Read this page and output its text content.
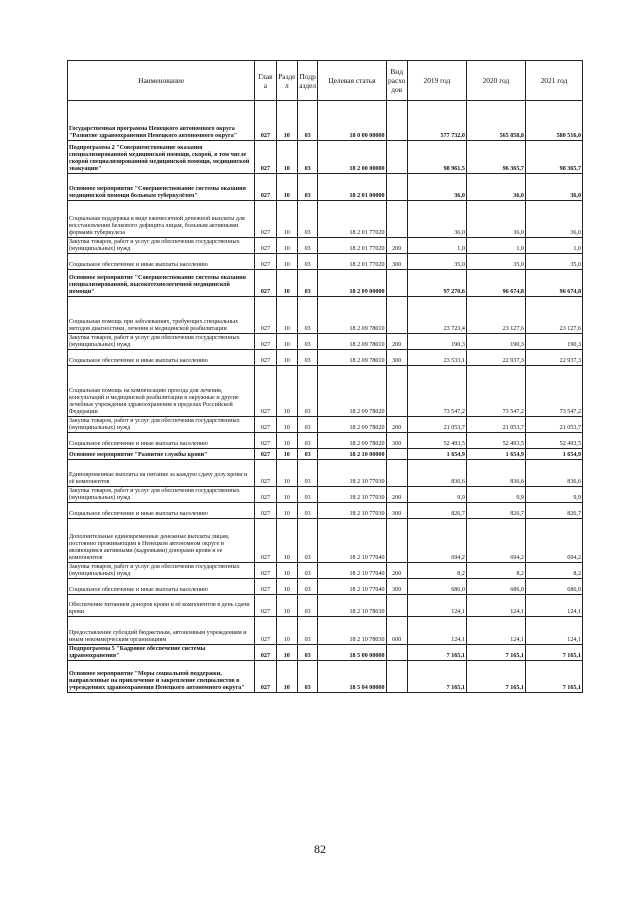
Наименование	Глав а	Разде л	Подр аздел	Целевая статья	Вид расхо дов	2019 год	2020 год	2021 год
Государственная программа Ненецкого автономного округа "Развитие здравоохранения Ненецкого автономного округа"	027	10	03	18 0 00 00000		577 732,0	565 858,8	580 516,0
Подпрограмма 2 "Совершенствование оказания специализированной медицинской помощи, скорой, в том числе скорой специализированной медицинской помощи, медицинской эвакуации"	027	10	03	18 2 00 00000		98 961,5	96 365,7	98 365,7
Основное мероприятие "Совершенствование системы оказания медицинской помощи больным туберкулёзом"	027	10	03	18 2 01 00000		36,0	36,0	36,0
Социальная поддержка в виде ежемесячной денежной выплаты для восстановления белкового дефицита лицам, больным активными формами туберкулеза	027	10	03	18 2 01 77020		36,0	36,0	36,0
Закупка товаров, работ и услуг для обеспечения государственных (муниципальных) нужд	027	10	03	18 2 01 77020	200	1,0	1,0	1,0
Социальное обеспечение и иные выплаты населению	027	10	03	18 2 01 77020	300	35,0	35,0	35,0
Основное мероприятие "Совершенствование системы оказания специализированной, высокотехнологичной медицинской помощи"	027	10	03	18 2 09 00000		97 270,6	96 674,8	96 674,8
Социальная помощь при заболеваниях, требующих специальных методов диагностики, лечения и медицинской реабилитации	027	10	03	18 2 09 78010		23 723,4	23 127,6	23 127,6
Закупка товаров, работ и услуг для обеспечения государственных (муниципальных) нужд	027	10	03	18 2 09 78010	200	190,3	190,3	190,3
Социальное обеспечение и иные выплаты населению	027	10	03	18 2 09 78010	300	23 533,1	22 937,3	22 937,3
Социальная помощь на компенсацию проезда для лечения, консультаций и медицинской реабилитации в окружные и другие лечебные учреждения здравоохранения в пределах Российской Федерации	027	10	03	18 2 09 78020		73 547,2	73 547,2	73 547,2
Закупка товаров, работ и услуг для обеспечения государственных (муниципальных) нужд	027	10	03	18 2 09 78020	200	21 053,7	21 053,7	21 053,7
Социальное обеспечение и иные выплаты населению	027	10	03	18 2 09 78020	300	52 493,5	52 493,5	52 493,5
Основное мероприятие "Развитие службы крови"	027	10	03	18 2 10 00000		1 654,9	1 654,9	1 654,9
Единовременные выплаты на питание за каждую сдачу дозу крови и её компонентов	027	10	03	18 2 10 77030		836,6	836,6	836,6
Закупка товаров, работ и услуг для обеспечения государственных (муниципальных) нужд	027	10	03	18 2 10 77030	200	9,9	9,9	9,9
Социальное обеспечение и иные выплаты населению	027	10	03	18 2 10 77030	300	826,7	826,7	826,7
Дополнительные единовременные денежные выплаты лицам, постоянно проживающим в Ненецком автономном округе и являющимся активными (кадровыми) донорами крови и ее компонентов	027	10	03	18 2 10 77040		694,2	694,2	694,2
Закупка товаров, работ и услуг для обеспечения государственных (муниципальных) нужд	027	10	03	18 2 10 77040	200	8,2	8,2	8,2
Социальное обеспечение и иные выплаты населению	027	10	03	18 2 10 77040	300	686,0	686,0	686,0
Обеспечение питанием доноров крови и её компонентов в день сдачи крови	027	10	03	18 2 10 78030		124,1	124,1	124,1
Предоставление субсидий бюджетным, автономным учреждениям и иным некоммерческим организациям	027	10	03	18 2 10 78030	600	124,1	124,1	124,1
Подпрограмма 5 "Кадровое обеспечение системы здравоохранения"	027	10	03	18 5 00 00000		7 165,1	7 165,1	7 165,1
Основное мероприятие "Меры социальной поддержки, направленные на привлечение и закрепление специалистов в учреждениях здравоохранения Ненецкого автономного округа"	027	10	03	18 5 04 00000		7 165,1	7 165,1	7 165,1
82
